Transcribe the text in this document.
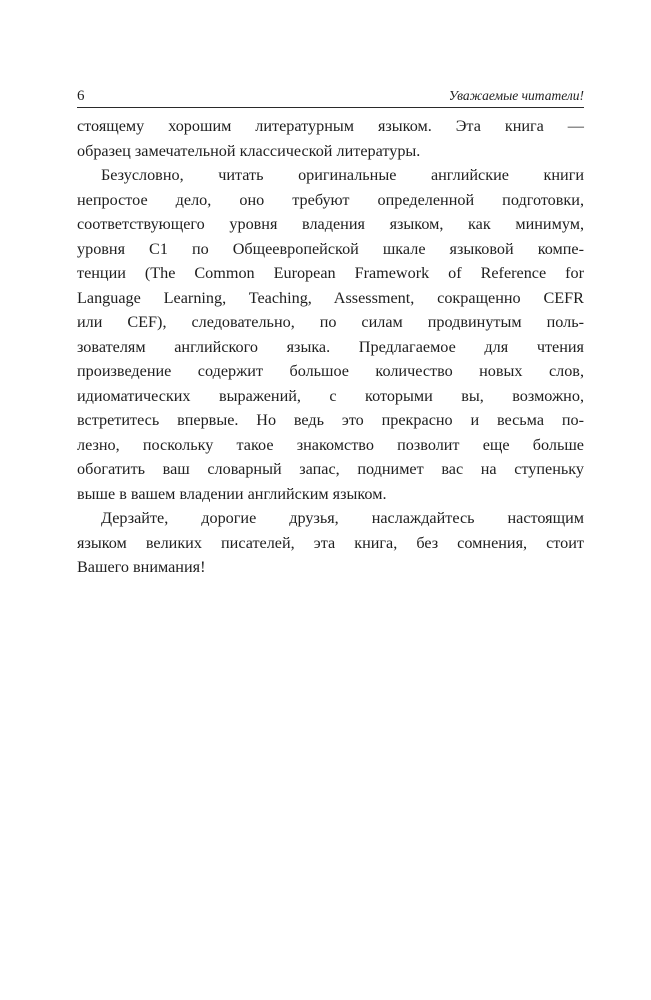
6	Уважаемые читатели!
стоящему хорошим литературным языком. Эта книга —
образец замечательной классической литературы.
Безусловно, читать оригинальные английские книги
непростое дело, оно требуют определенной подготовки,
соответствующего уровня владения языком, как минимум,
уровня С1 по Общеевропейской шкале языковой компе-
тенции (The Common European Framework of Reference for
Language Learning, Teaching, Assessment, сокращенно CEFR
или CEF), следовательно, по силам продвинутым поль-
зователям английского языка. Предлагаемое для чтения
произведение содержит большое количество новых слов,
идиоматических выражений, с которыми вы, возможно,
встретитесь впервые. Но ведь это прекрасно и весьма по-
лезно, поскольку такое знакомство позволит еще больше
обогатить ваш словарный запас, поднимет вас на ступеньку
выше в вашем владении английским языком.
Дерзайте, дорогие друзья, наслаждайтесь настоящим
языком великих писателей, эта книга, без сомнения, стоит
Вашего внимания!
